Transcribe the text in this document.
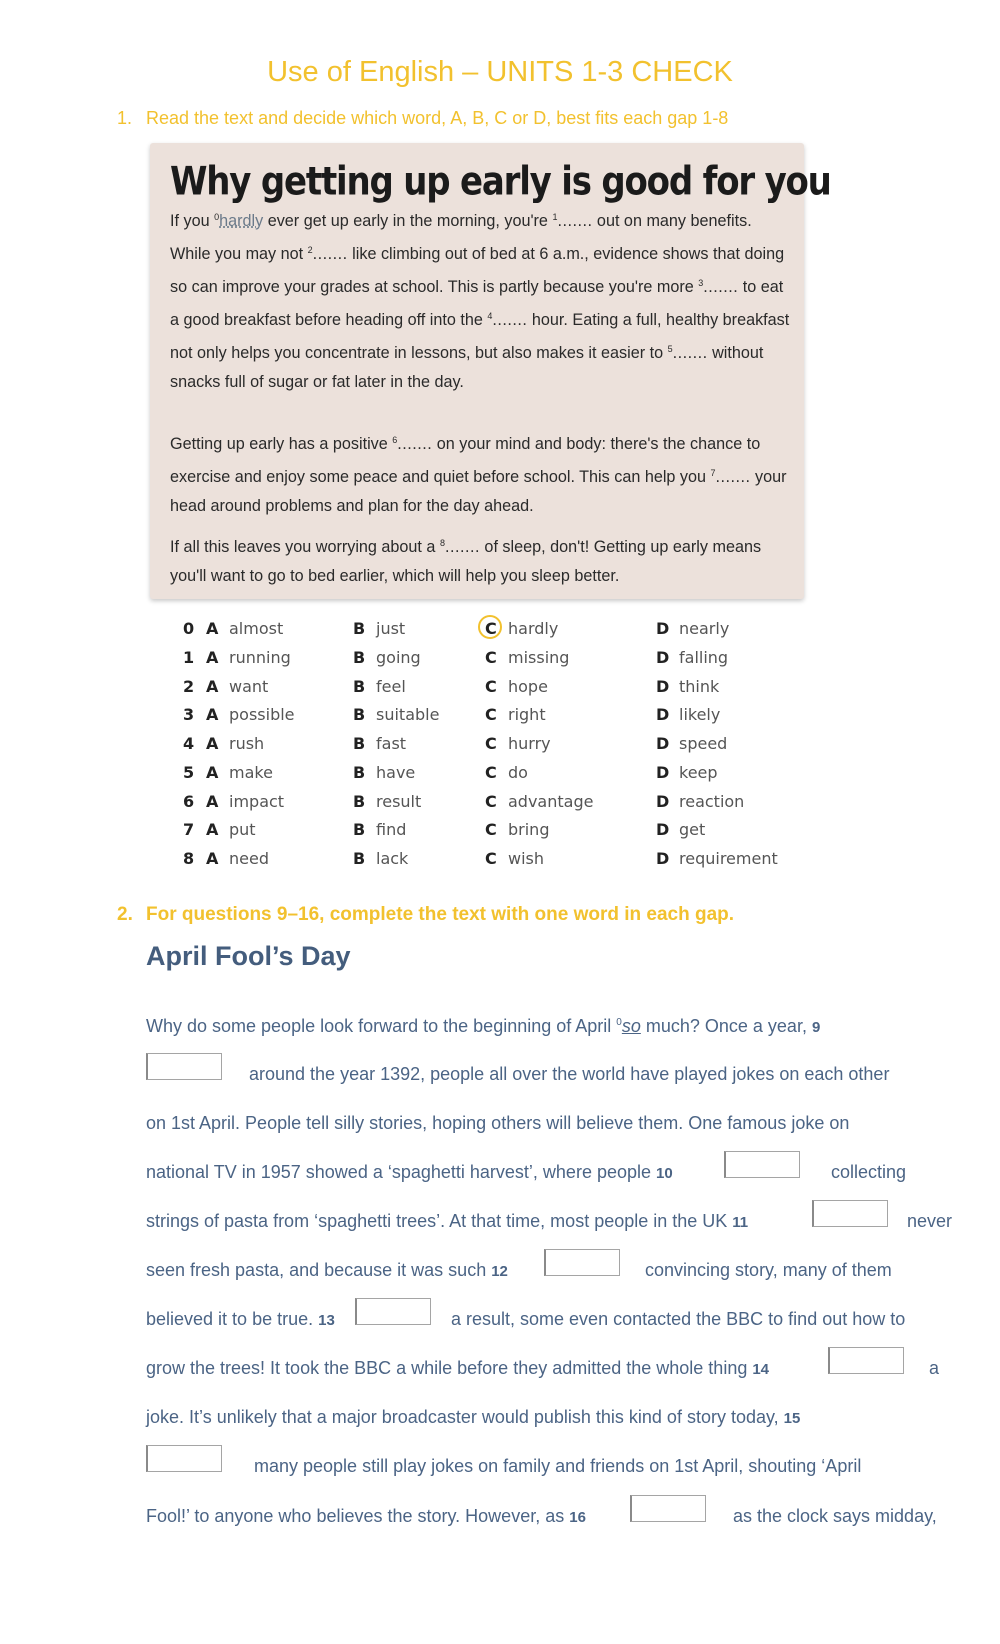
Use of English – UNITS 1-3 CHECK
1. Read the text and decide which word, A, B, C or D, best fits each gap 1-8
Why getting up early is good for you
If you $^0$hardly ever get up early in the morning, you're $^1$....... out on many benefits. While you may not $^2$....... like climbing out of bed at 6 a.m., evidence shows that doing so can improve your grades at school. This is partly because you're more $^3$....... to eat a good breakfast before heading off into the $^4$....... hour. Eating a full, healthy breakfast not only helps you concentrate in lessons, but also makes it easier to $^5$....... without snacks full of sugar or fat later in the day.
Getting up early has a positive $^6$....... on your mind and body: there's the chance to exercise and enjoy some peace and quiet before school. This can help you $^7$....... your head around problems and plan for the day ahead.
If all this leaves you worrying about a $^8$....... of sleep, don't! Getting up early means you'll want to go to bed earlier, which will help you sleep better.
0 A almost	B just	C hardly	D nearly
1 A running	B going	C missing	D falling
2 A want	B feel	C hope	D think
3 A possible	B suitable	C right	D likely
4 A rush	B fast	C hurry	D speed
5 A make	B have	C do	D keep
6 A impact	B result	C advantage	D reaction
7 A put	B find	C bring	D get
8 A need	B lack	C wish	D requirement
2. For questions 9–16, complete the text with one word in each gap.
April Fool’s Day
Why do some people look forward to the beginning of April $^0$so much? Once a year, 9
around the year 1392, people all over the world have played jokes on each other
on 1st April. People tell silly stories, hoping others will believe them. One famous joke on
national TV in 1957 showed a ‘spaghetti harvest’, where people 10	collecting
strings of pasta from ‘spaghetti trees’. At that time, most people in the UK 11	never
seen fresh pasta, and because it was such 12	convincing story, many of them
believed it to be true. 13	a result, some even contacted the BBC to find out how to
grow the trees! It took the BBC a while before they admitted the whole thing 14	a
joke. It’s unlikely that a major broadcaster would publish this kind of story today, 15
many people still play jokes on family and friends on 1st April, shouting ‘April
Fool!’ to anyone who believes the story. However, as 16	as the clock says midday,
